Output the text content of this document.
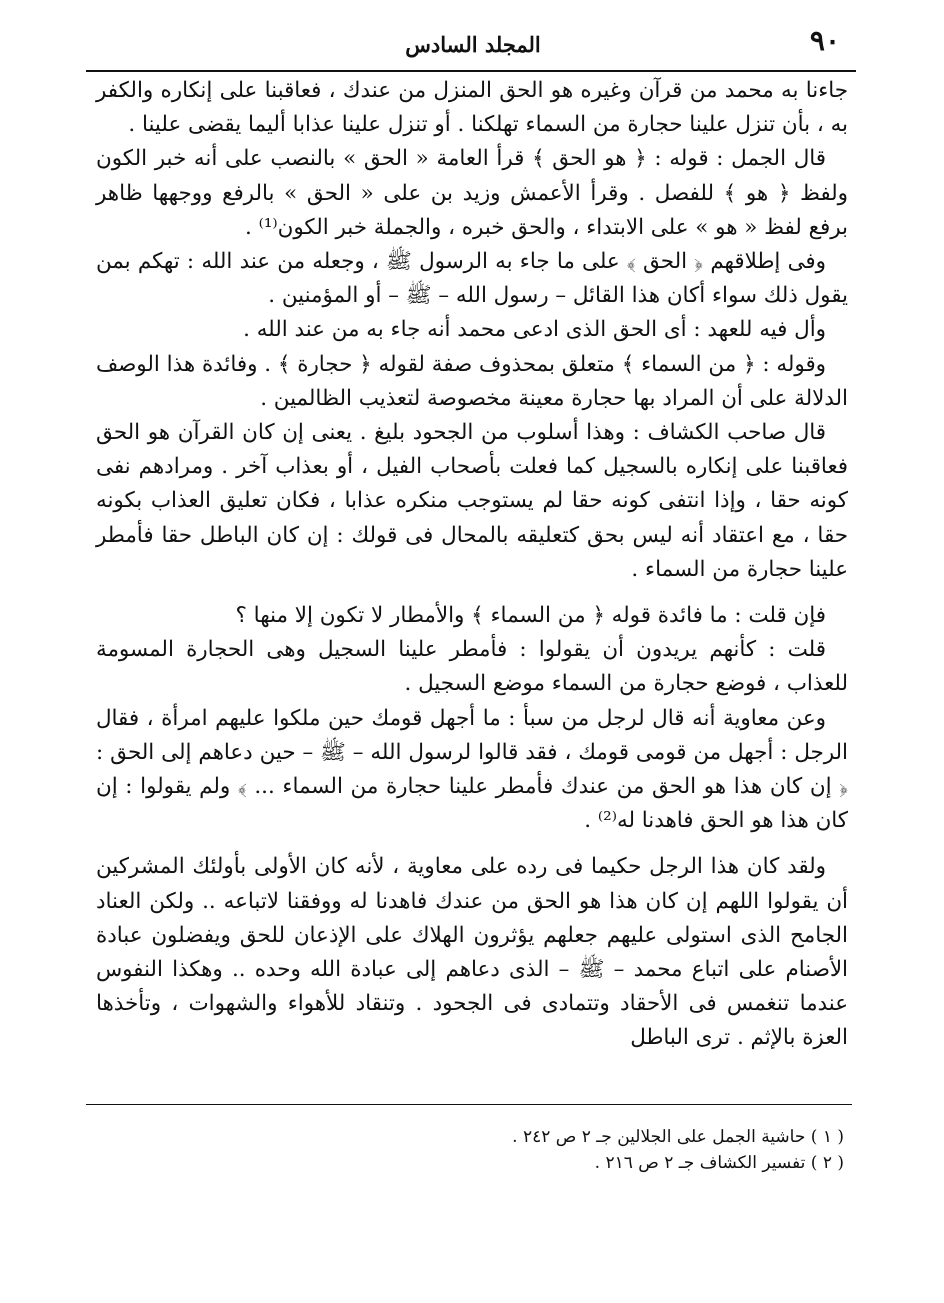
٩٠
المجلد السادس

جاءنا به محمد من قرآن وغيره هو الحق المنزل من عندك ، فعاقبنا على إنكاره والكفر به ، بأن تنزل علينا حجارة من السماء تهلكنا . أو تنزل علينا عذابا أليما يقضى علينا .

قال الجمل : قوله : ﴿ هو الحق ﴾ قرأ العامة « الحق » بالنصب على أنه خبر الكون ولفظ ﴿ هو ﴾ للفصل . وقرأ الأعمش وزيد بن على « الحق » بالرفع ووجهها ظاهر برفع لفظ « هو » على الابتداء ، والحق خبره ، والجملة خبر الكون⁽¹⁾ .

وفى إطلاقهم ﴿ الحق ﴾ على ما جاء به الرسول ﷺ ، وجعله من عند الله : تهكم بمن يقول ذلك سواء أكان هذا القائل – رسول الله – ﷺ – أو المؤمنين .

وأل فيه للعهد : أى الحق الذى ادعى محمد أنه جاء به من عند الله .

وقوله : ﴿ من السماء ﴾ متعلق بمحذوف صفة لقوله ﴿ حجارة ﴾ . وفائدة هذا الوصف الدلالة على أن المراد بها حجارة معينة مخصوصة لتعذيب الظالمين .

قال صاحب الكشاف : وهذا أسلوب من الجحود بليغ . يعنى إن كان القرآن هو الحق فعاقبنا على إنكاره بالسجيل كما فعلت بأصحاب الفيل ، أو بعذاب آخر . ومرادهم نفى كونه حقا ، وإذا انتفى كونه حقا لم يستوجب منكره عذابا ، فكان تعليق العذاب بكونه حقا ، مع اعتقاد أنه ليس بحق كتعليقه بالمحال فى قولك : إن كان الباطل حقا فأمطر علينا حجارة من السماء .

فإن قلت : ما فائدة قوله ﴿ من السماء ﴾ والأمطار لا تكون إلا منها ؟

قلت : كأنهم يريدون أن يقولوا : فأمطر علينا السجيل وهى الحجارة المسومة للعذاب ، فوضع حجارة من السماء موضع السجيل .

وعن معاوية أنه قال لرجل من سبأ : ما أجهل قومك حين ملكوا عليهم امرأة ، فقال الرجل : أجهل من قومى قومك ، فقد قالوا لرسول الله – ﷺ – حين دعاهم إلى الحق : ﴿ إن كان هذا هو الحق من عندك فأمطر علينا حجارة من السماء ... ﴾ ولم يقولوا : إن كان هذا هو الحق فاهدنا له⁽²⁾ .

ولقد كان هذا الرجل حكيما فى رده على معاوية ، لأنه كان الأولى بأولئك المشركين أن يقولوا اللهم إن كان هذا هو الحق من عندك فاهدنا له ووفقنا لاتباعه .. ولكن العناد الجامح الذى استولى عليهم جعلهم يؤثرون الهلاك على الإذعان للحق ويفضلون عبادة الأصنام على اتباع محمد – ﷺ – الذى دعاهم إلى عبادة الله وحده .. وهكذا النفوس عندما تنغمس فى الأحقاد وتتمادى فى الجحود . وتنقاد للأهواء والشهوات ، وتأخذها العزة بالإثم . ترى الباطل

( ١ ) حاشية الجمل على الجلالين جـ ٢ ص ٢٤٢ .

( ٢ ) تفسير الكشاف جـ ٢ ص ٢١٦ .
